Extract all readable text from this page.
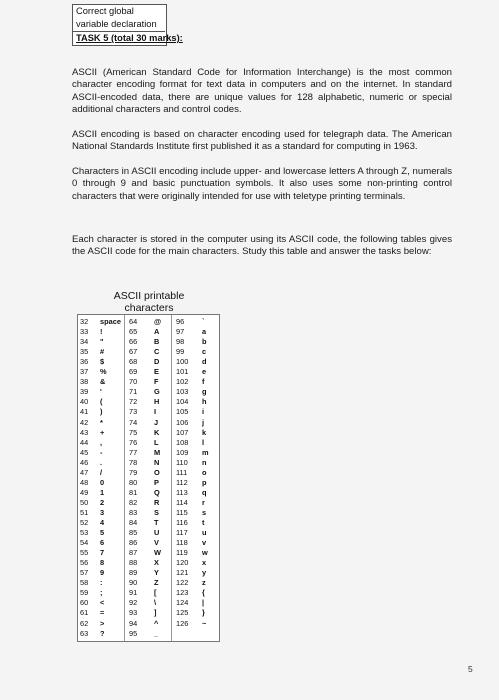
Correct global
variable declaration
TASK 5 (total 30 marks):

ASCII (American Standard Code for Information Interchange) is the most common character encoding format for text data in computers and on the internet. In standard ASCII-encoded data, there are unique values for 128 alphabetic, numeric or special additional characters and control codes.

ASCII encoding is based on character encoding used for telegraph data. The American National Standards Institute first published it as a standard for computing in 1963.

Characters in ASCII encoding include upper- and lowercase letters A through Z, numerals 0 through 9 and basic punctuation symbols. It also uses some non-printing control characters that were originally intended for use with teletype printing terminals.

Each character is stored in the computer using its ASCII code, the following tables gives the ASCII code for the main characters. Study this table and answer the tasks below:

ASCII printable
characters
32
33
34
35
36
37
38
39
40
41
42
43
44
45
46
47
48
49
50
51
52
53
54
55
56
57
58
59
60
61
62
63
space
!
"
#
$
%
&
'
(
)
*
+
,
-
.
/
0
1
2
3
4
5
6
7
8
9
:
;
<
=
>
?
64
65
66
67
68
69
70
71
72
73
74
75
76
77
78
79
80
81
82
83
84
85
86
87
88
89
90
91
92
93
94
95
@
A
B
C
D
E
F
G
H
I
J
K
L
M
N
O
P
Q
R
S
T
U
V
W
X
Y
Z
[
\
]
^
_
96
97
98
99
100
101
102
103
104
105
106
107
108
109
110
111
112
113
114
115
116
117
118
119
120
121
122
123
124
125
126
`
a
b
c
d
e
f
g
h
i
j
k
l
m
n
o
p
q
r
s
t
u
v
w
x
y
z
{
|
}
~
5
